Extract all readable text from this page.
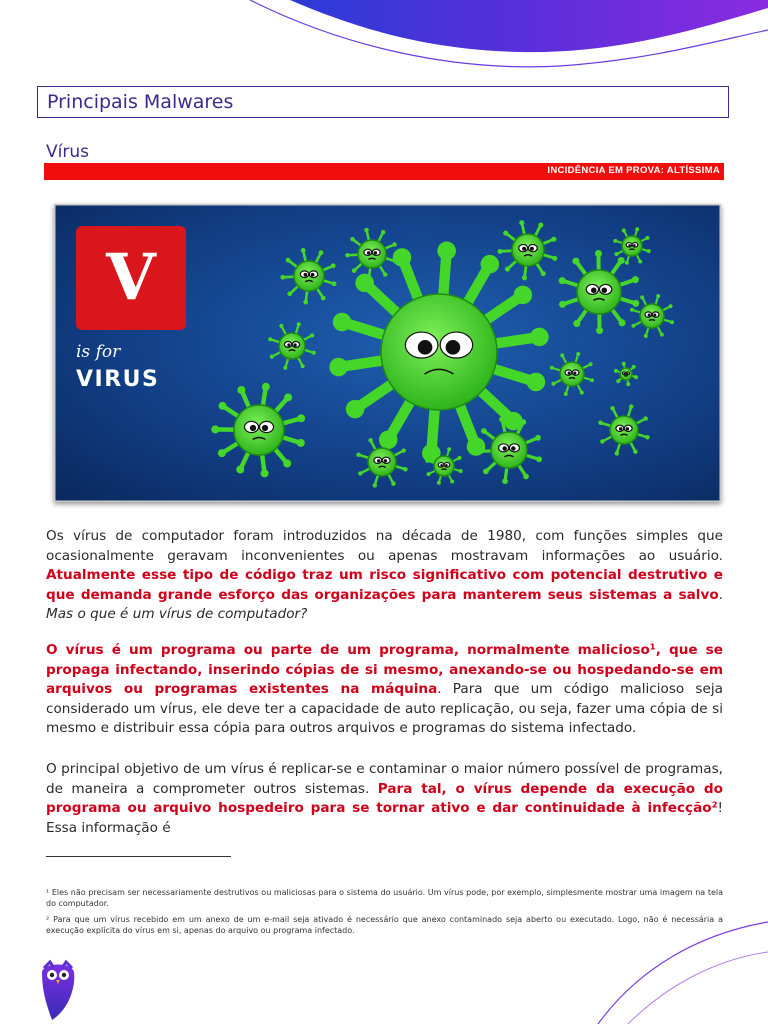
Principais Malwares
Vírus
INCIDÊNCIA EM PROVA: ALTÍSSIMA
V
is for
VIRUS
Os vírus de computador foram introduzidos na década de 1980, com funções simples que ocasionalmente geravam inconvenientes ou apenas mostravam informações ao usuário. Atualmente esse tipo de código traz um risco significativo com potencial destrutivo e que demanda grande esforço das organizações para manterem seus sistemas a salvo. Mas o que é um vírus de computador?
O vírus é um programa ou parte de um programa, normalmente malicioso¹, que se propaga infectando, inserindo cópias de si mesmo, anexando-se ou hospedando-se em arquivos ou programas existentes na máquina. Para que um código malicioso seja considerado um vírus, ele deve ter a capacidade de auto replicação, ou seja, fazer uma cópia de si mesmo e distribuir essa cópia para outros arquivos e programas do sistema infectado.
O principal objetivo de um vírus é replicar-se e contaminar o maior número possível de programas, de maneira a comprometer outros sistemas. Para tal, o vírus depende da execução do programa ou arquivo hospedeiro para se tornar ativo e dar continuidade à infecção²! Essa informação é
¹ Eles não precisam ser necessariamente destrutivos ou maliciosas para o sistema do usuário. Um vírus pode, por exemplo, simplesmente mostrar uma imagem na tela do computador.
² Para que um vírus recebido em um anexo de um e-mail seja ativado é necessário que anexo contaminado seja aberto ou executado. Logo, não é necessária a execução explícita do vírus em si, apenas do arquivo ou programa infectado.
